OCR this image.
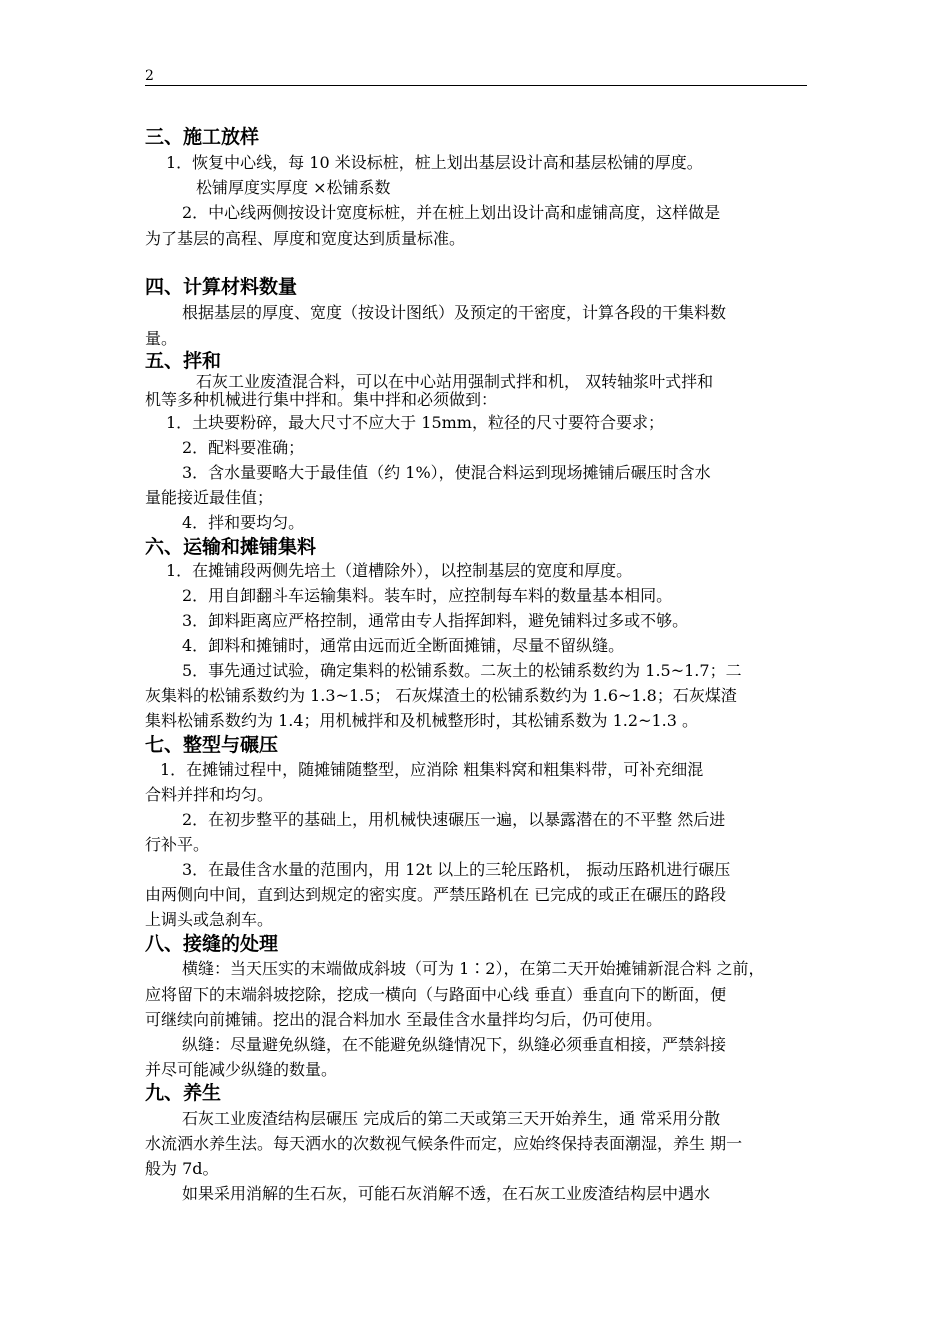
2
三、施工放样
1．恢复中心线，每 10 米设标桩，桩上划出基层设计高和基层松铺的厚度。
松铺厚度实厚度 ×松铺系数
2．中心线两侧按设计宽度标桩，并在桩上划出设计高和虚铺高度，这样做是
为了基层的高程、厚度和宽度达到质量标准。
四、计算材料数量
根据基层的厚度、宽度（按设计图纸）及预定的干密度，计算各段的干集料数
量。
五、拌和
石灰工业废渣混合料，可以在中心站用强制式拌和机， 双转轴浆叶式拌和
机等多种机械进行集中拌和。集中拌和必须做到：
1．土块要粉碎，最大尺寸不应大于 15mm，粒径的尺寸要符合要求；
2．配料要准确；
3．含水量要略大于最佳值（约 1%），使混合料运到现场摊铺后碾压时含水
量能接近最佳值；
4．拌和要均匀。
六、运输和摊铺集料
1．在摊铺段两侧先培土（道槽除外），以控制基层的宽度和厚度。
2．用自卸翻斗车运输集料。装车时，应控制每车料的数量基本相同。
3．卸料距离应严格控制，通常由专人指挥卸料，避免铺料过多或不够。
4．卸料和摊铺时，通常由远而近全断面摊铺，尽量不留纵缝。
5．事先通过试验，确定集料的松铺系数。二灰土的松铺系数约为 1.5~1.7；二
灰集料的松铺系数约为 1.3~1.5； 石灰煤渣土的松铺系数约为 1.6~1.8；石灰煤渣
集料松铺系数约为 1.4；用机械拌和及机械整形时，其松铺系数为 1.2~1.3 。
七、整型与碾压
1．在摊铺过程中，随摊铺随整型，应消除 粗集料窝和粗集料带，可补充细混
合料并拌和均匀。
2．在初步整平的基础上，用机械快速碾压一遍，以暴露潜在的不平整 然后进
行补平。
3．在最佳含水量的范围内，用 12t 以上的三轮压路机， 振动压路机进行碾压
由两侧向中间，直到达到规定的密实度。严禁压路机在 已完成的或正在碾压的路段
上调头或急刹车。
八、接缝的处理
横缝：当天压实的末端做成斜坡（可为 1∶2），在第二天开始摊铺新混合料 之前，
应将留下的末端斜坡挖除，挖成一横向（与路面中心线 垂直）垂直向下的断面，便
可继续向前摊铺。挖出的混合料加水 至最佳含水量拌均匀后，仍可使用。
纵缝：尽量避免纵缝，在不能避免纵缝情况下，纵缝必须垂直相接，严禁斜接
并尽可能减少纵缝的数量。
九、养生
石灰工业废渣结构层碾压 完成后的第二天或第三天开始养生，通 常采用分散
水流洒水养生法。每天洒水的次数视气候条件而定，应始终保持表面潮湿，养生 期一
般为 7d。
如果采用消解的生石灰，可能石灰消解不透，在石灰工业废渣结构层中遇水
